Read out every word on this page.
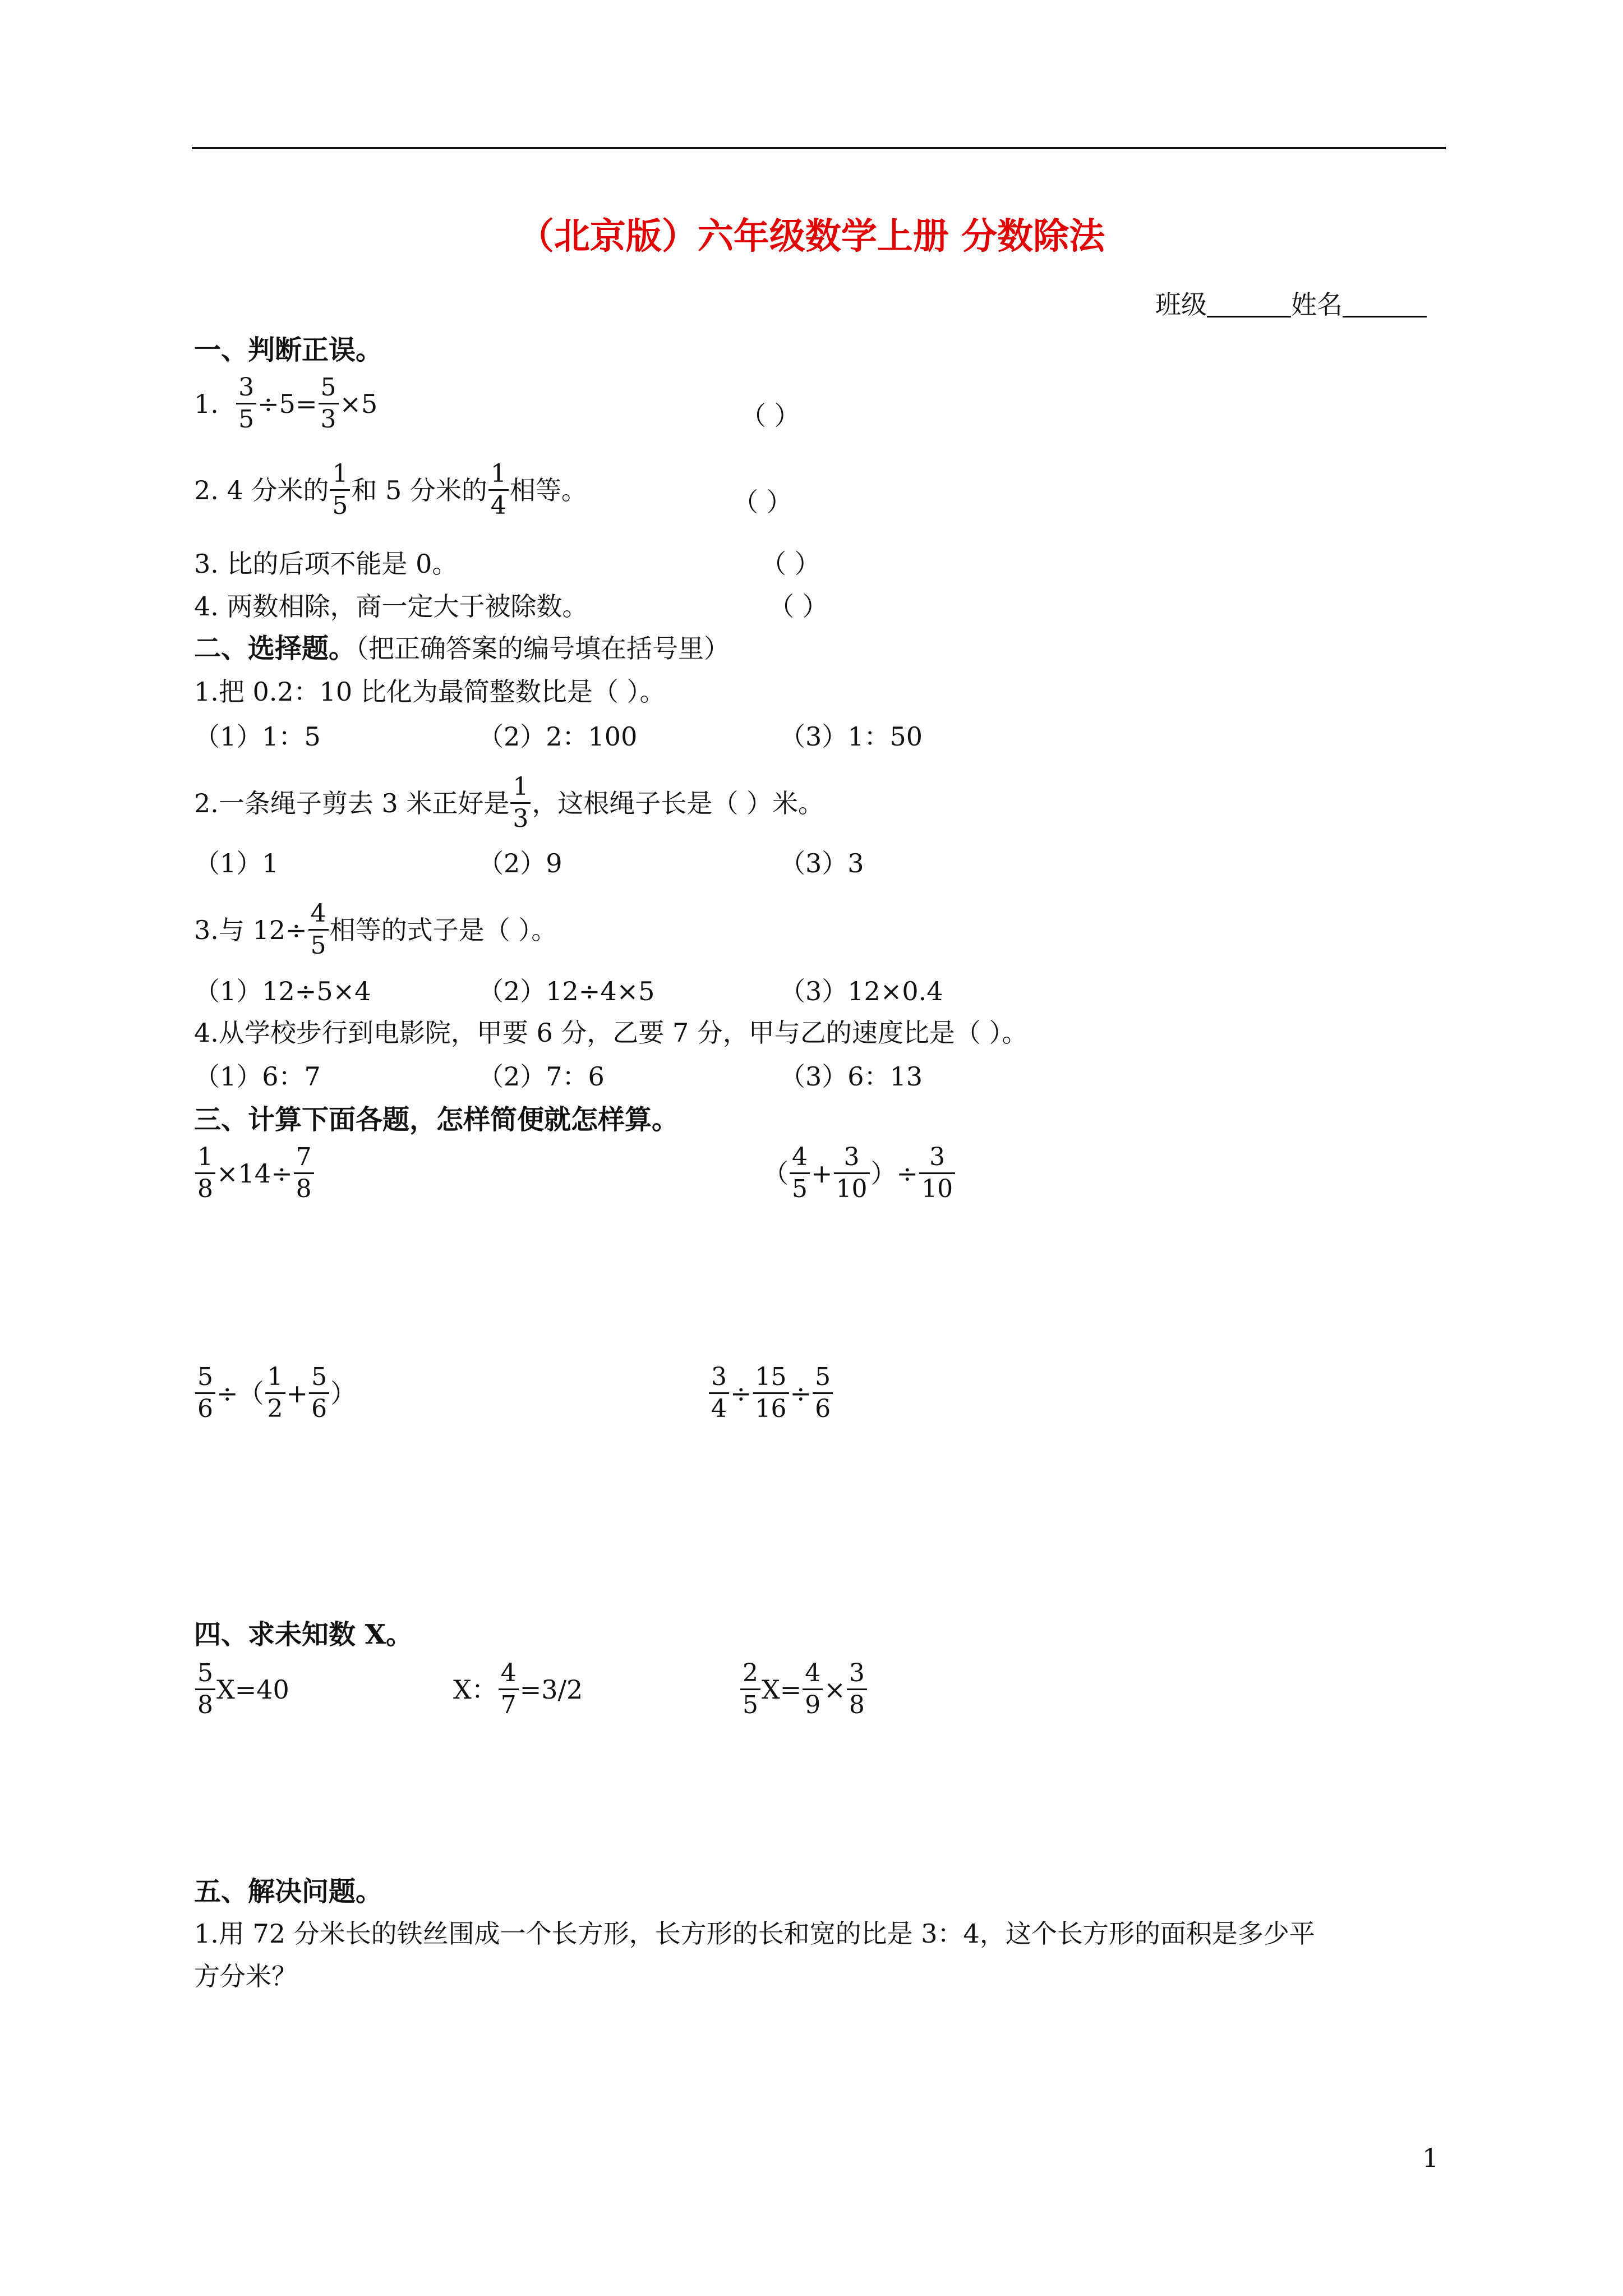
（北京版）六年级数学上册 分数除法
班级	姓名
一、判断正误。
1.
$\frac{3}{5} \div 5= \frac{5}{3} \times 5$	（ ）
2. 4 分米的 $\frac{1}{5}$ 和 5 分米的 $\frac{1}{4}$ 相等。	（ ）
3. 比的后项不能是 0。	（ ）
4. 两数相除，商一定大于被除数。	（ ）
二、选择题。（把正确答案的编号填在括号里）
1.把 0.2：10 比化为最简整数比是（ ）。
（1）1：5	（2）2：100	（3）1：50
2.一条绳子剪去 3 米正好是 $\frac{1}{3}$ ，这根绳子长是（ ）米。
（1）1	（2）9	（3）3
3.与 $12\div \frac{4}{5}$ 相等的式子是（ ）。
（1）12÷5×4	（2）12÷4×5	（3）12×0.4
4.从学校步行到电影院，甲要 6 分，乙要 7 分，甲与乙的速度比是（ ）。
（1）6：7	（2）7：6	（3）6：13
三、计算下面各题，怎样简便就怎样算。
$\frac{1}{8} \times 14\div \frac{7}{8}$	（ $\frac{4}{5} + \frac{3}{10}$ ）÷ $\frac{3}{10}$
$\frac{5}{6}$ ÷（ $\frac{1}{2} + \frac{5}{6}$ ）	$\frac{3}{4} \div \frac{15}{16} \div \frac{5}{6}$
四、求未知数 X。
$\frac{5}{8} X=40$	X： $\frac{4}{7} =3/2$	$\frac{2}{5} X= \frac{4}{9} \times \frac{3}{8}$
五、解决问题。
1.用 72 分米长的铁丝围成一个长方形，长方形的长和宽的比是 3：4，这个长方形的面积是多少平
方分米？
1
